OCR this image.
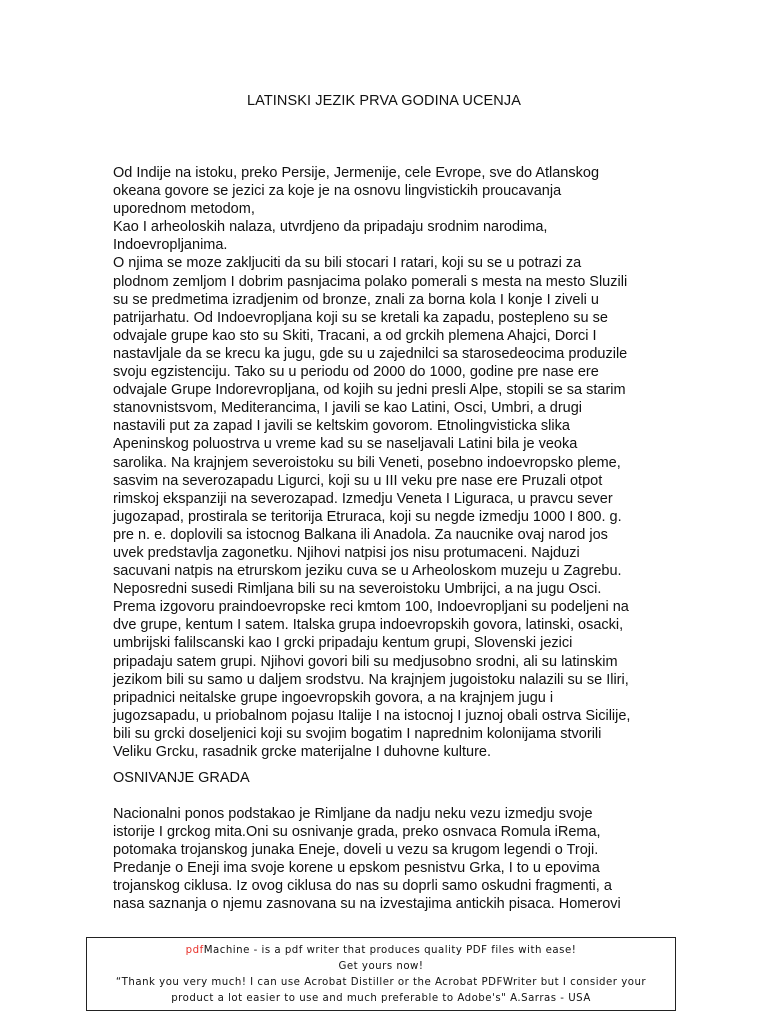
LATINSKI JEZIK PRVA GODINA UCENJA
Od Indije na istoku, preko Persije, Jermenije, cele Evrope, sve do Atlanskog
okeana govore se jezici za koje je na osnovu lingvistickih proucavanja
uporednom metodom,
Kao I arheoloskih nalaza, utvrdjeno da pripadaju srodnim narodima,
Indoevropljanima.
O njima se moze zakljuciti da su bili stocari I ratari, koji su se u potrazi za
plodnom zemljom I dobrim pasnjacima polako pomerali s mesta na mesto Sluzili
su se predmetima izradjenim od bronze, znali za borna kola I konje I ziveli u
patrijarhatu. Od Indoevropljana koji su se kretali ka zapadu, postepleno su se
odvajale grupe kao sto su Skiti, Tracani, a od grckih plemena Ahajci, Dorci I
nastavljale da se krecu ka jugu, gde su u zajednilci sa starosedeocima produzile
svoju egzistenciju. Tako su u periodu od 2000 do 1000, godine pre nase ere
odvajale Grupe Indorevropljana, od kojih su jedni presli Alpe, stopili se sa starim
stanovnistsvom, Mediterancima, I javili se kao Latini, Osci, Umbri, a drugi
nastavili put za zapad I javili se keltskim govorom. Etnolingvisticka slika
Apeninskog poluostrva u vreme kad su se naseljavali Latini bila je veoka
sarolika. Na krajnjem severoistoku su bili Veneti, posebno indoevropsko pleme,
sasvim na severozapadu Ligurci, koji su u III veku pre nase ere Pruzali otpot
rimskoj ekspanziji na severozapad. Izmedju Veneta I Liguraca, u pravcu sever
jugozapad, prostirala se teritorija Etruraca, koji su negde izmedju 1000 I 800. g.
pre n. e. doplovili sa istocnog Balkana ili Anadola. Za naucnike ovaj narod jos
uvek predstavlja zagonetku. Njihovi natpisi jos nisu protumaceni. Najduzi
sacuvani natpis na etrurskom jeziku cuva se u Arheoloskom muzeju u Zagrebu.
Neposredni susedi Rimljana bili su na severoistoku Umbrijci, a na jugu Osci.
Prema izgovoru praindoevropske reci kmtom 100, Indoevropljani su podeljeni na
dve grupe, kentum I satem. Italska grupa indoevropskih govora, latinski, osacki,
umbrijski falilscanski kao I grcki pripadaju kentum grupi, Slovenski jezici
pripadaju satem grupi. Njihovi govori bili su medjusobno srodni, ali su latinskim
jezikom bili su samo u daljem srodstvu. Na krajnjem jugoistoku nalazili su se Iliri,
pripadnici neitalske grupe ingoevropskih govora, a na krajnjem jugu i
jugozsapadu, u priobalnom pojasu Italije I na istocnoj I juznoj obali ostrva Sicilije,
bili su grcki doseljenici koji su svojim bogatim I naprednim kolonijama stvorili
Veliku Grcku, rasadnik grcke materijalne I duhovne kulture.
OSNIVANJE GRADA
Nacionalni ponos podstakao je Rimljane da nadju neku vezu izmedju svoje
istorije I grckog mita.Oni su osnivanje grada, preko osnvaca Romula iRema,
potomaka trojanskog junaka Eneje, doveli u vezu sa krugom legendi o Troji.
Predanje o Eneji ima svoje korene u epskom pesnistvu Grka, I to u epovima
trojanskog ciklusa. Iz ovog ciklusa do nas su doprli samo oskudni fragmenti, a
nasa saznanja o njemu zasnovana su na izvestajima antickih pisaca. Homerovi
pdfMachine - is a pdf writer that produces quality PDF files with ease!
Get yours now!
“Thank you very much! I can use Acrobat Distiller or the Acrobat PDFWriter but I consider your
product a lot easier to use and much preferable to Adobe's" A.Sarras - USA
